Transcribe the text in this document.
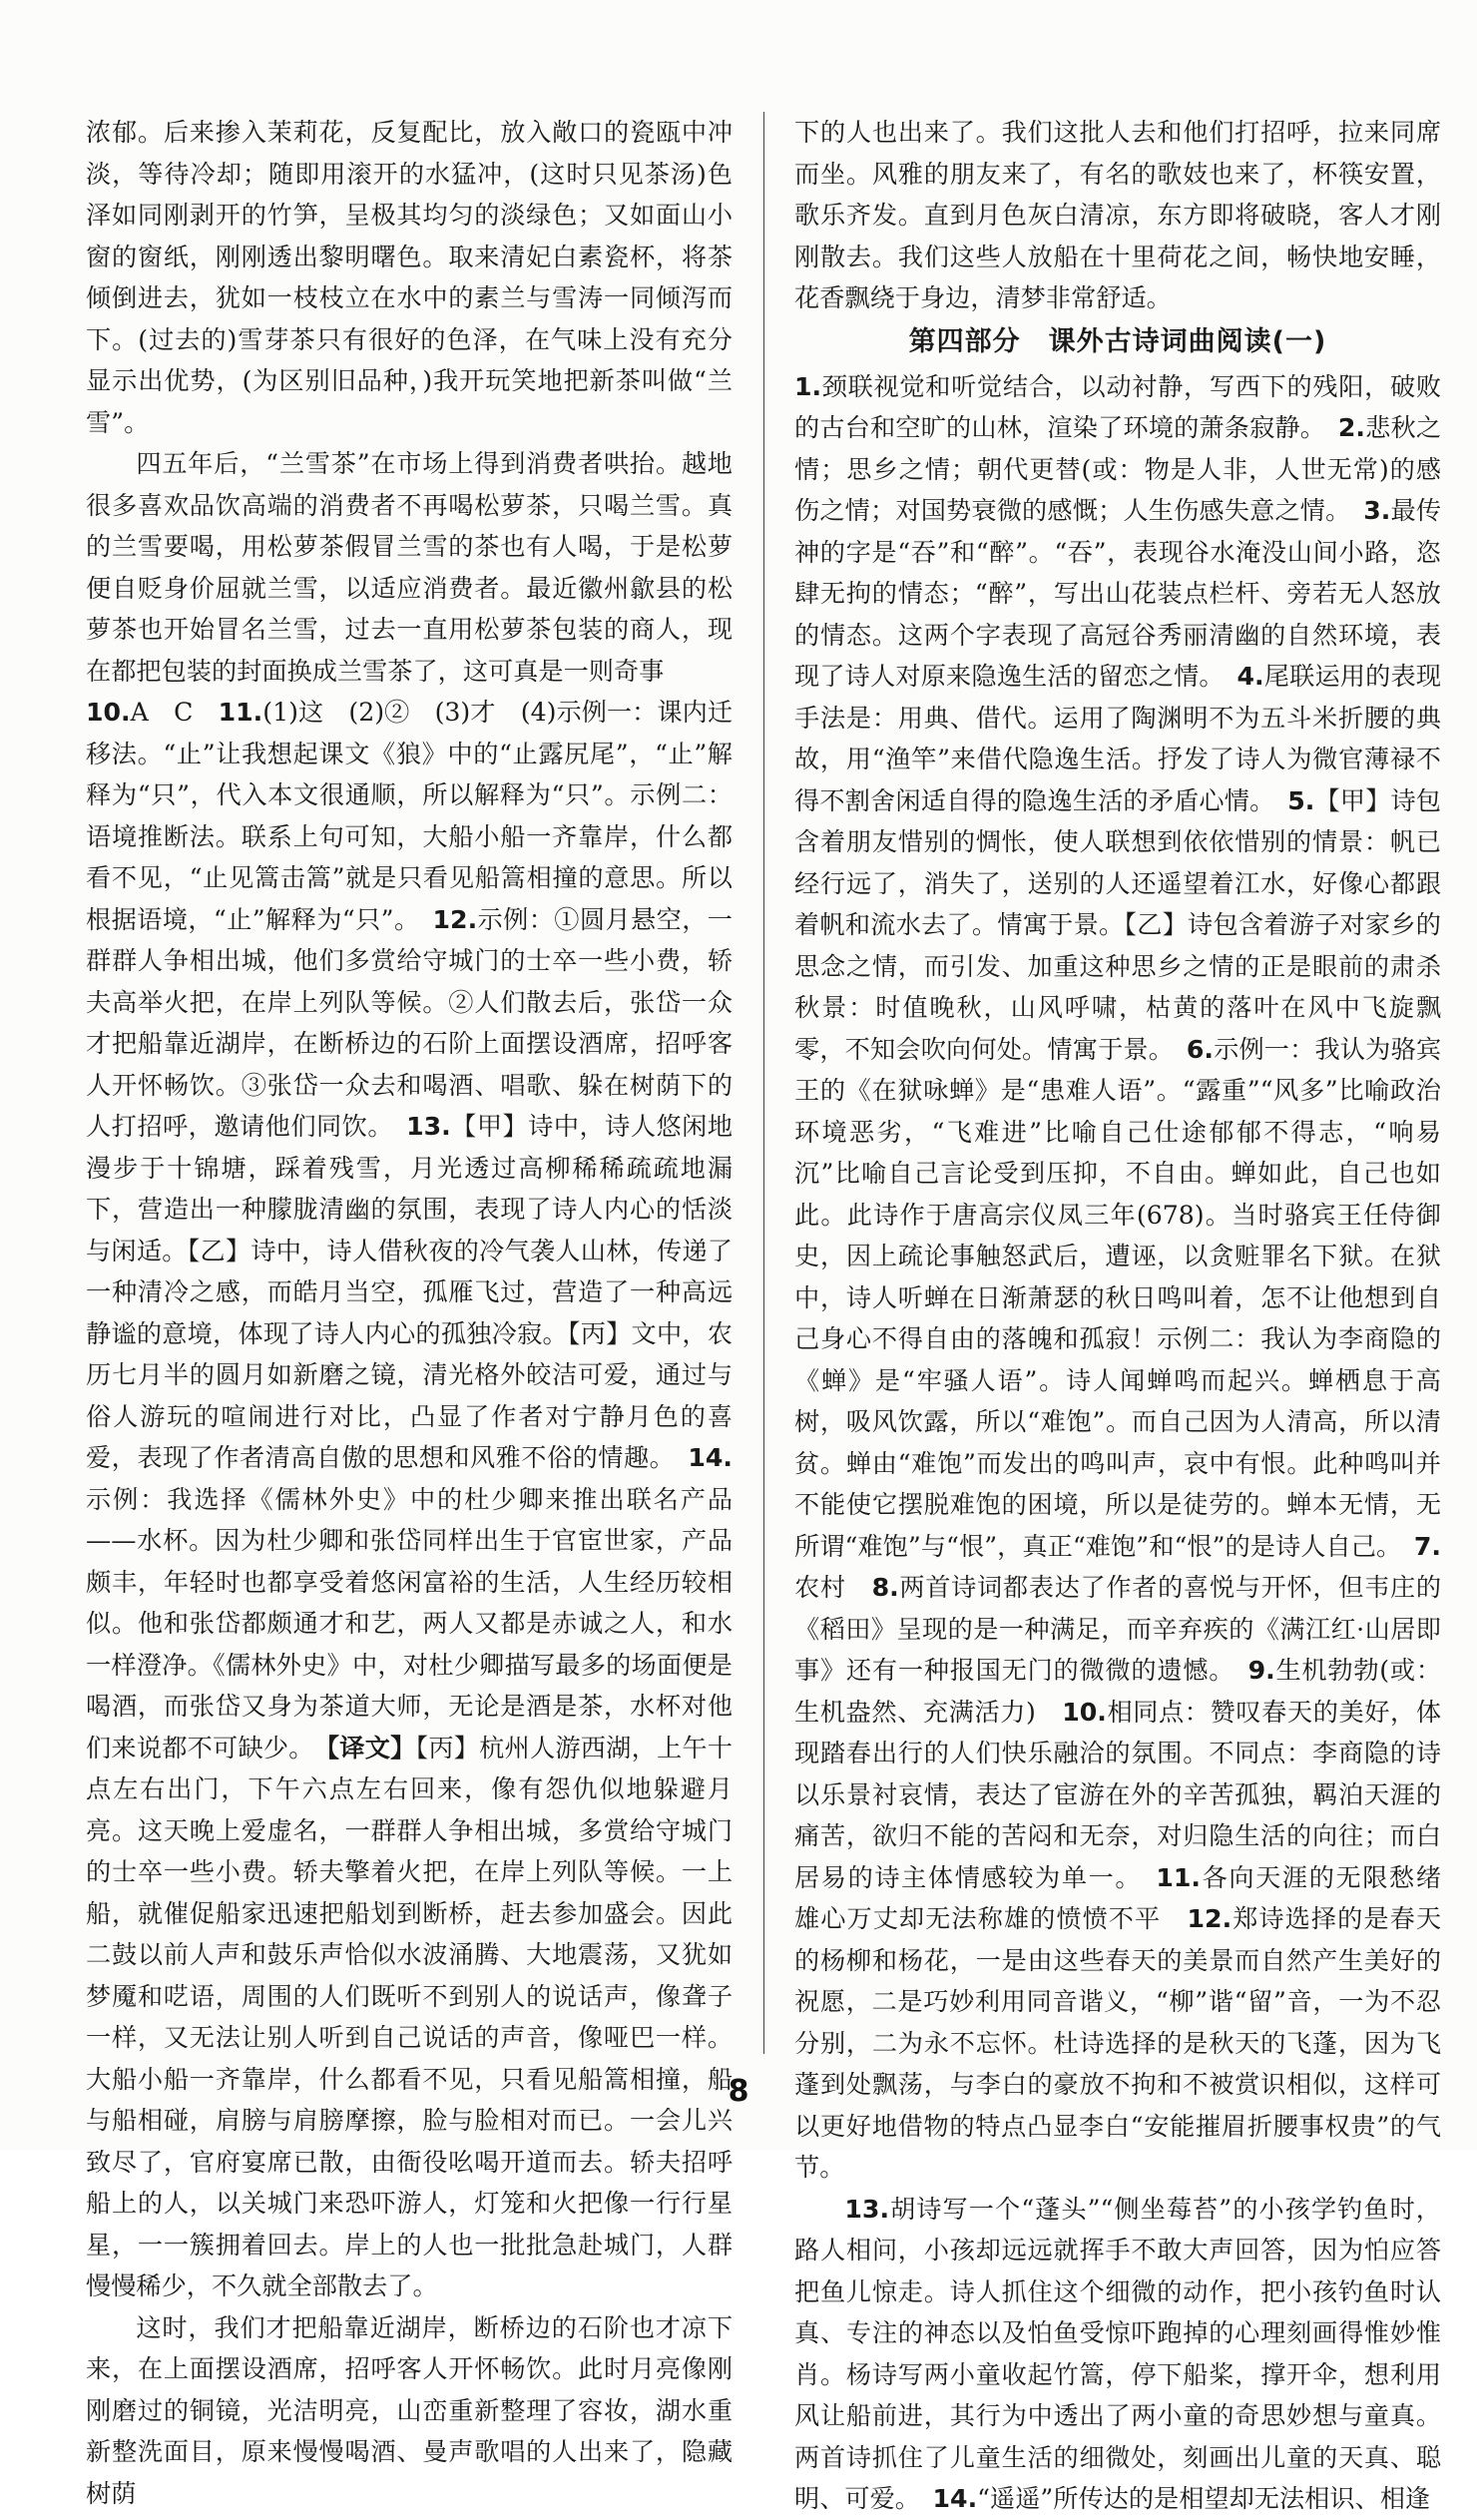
浓郁。后来掺入茉莉花，反复配比，放入敞口的瓷瓯中冲淡，等待冷却；随即用滚开的水猛冲，(这时只见茶汤)色泽如同刚剥开的竹笋，呈极其均匀的淡绿色；又如面山小窗的窗纸，刚刚透出黎明曙色。取来清妃白素瓷杯，将茶倾倒进去，犹如一枝枝立在水中的素兰与雪涛一同倾泻而下。(过去的)雪芽茶只有很好的色泽，在气味上没有充分显示出优势，(为区别旧品种，)我开玩笑地把新茶叫做“兰雪”。

四五年后，“兰雪茶”在市场上得到消费者哄抬。越地很多喜欢品饮高端的消费者不再喝松萝茶，只喝兰雪。真的兰雪要喝，用松萝茶假冒兰雪的茶也有人喝，于是松萝便自贬身价屈就兰雪，以适应消费者。最近徽州歙县的松萝茶也开始冒名兰雪，过去一直用松萝茶包装的商人，现在都把包装的封面换成兰雪茶了，这可真是一则奇事

10.A　C　11.(1)这　(2)②　(3)才　(4)示例一：课内迁移法。“止”让我想起课文《狼》中的“止露尻尾”，“止”解释为“只”，代入本文很通顺，所以解释为“只”。示例二：语境推断法。联系上句可知，大船小船一齐靠岸，什么都看不见，“止见篙击篙”就是只看见船篙相撞的意思。所以根据语境，“止”解释为“只”。　12.示例：①圆月悬空，一群群人争相出城，他们多赏给守城门的士卒一些小费，轿夫高举火把，在岸上列队等候。②人们散去后，张岱一众才把船靠近湖岸，在断桥边的石阶上面摆设酒席，招呼客人开怀畅饮。③张岱一众去和喝酒、唱歌、躲在树荫下的人打招呼，邀请他们同饮。　13.【甲】诗中，诗人悠闲地漫步于十锦塘，踩着残雪，月光透过高柳稀稀疏疏地漏下，营造出一种朦胧清幽的氛围，表现了诗人内心的恬淡与闲适。【乙】诗中，诗人借秋夜的冷气袭人山林，传递了一种清冷之感，而皓月当空，孤雁飞过，营造了一种高远静谧的意境，体现了诗人内心的孤独冷寂。【丙】文中，农历七月半的圆月如新磨之镜，清光格外皎洁可爱，通过与俗人游玩的喧闹进行对比，凸显了作者对宁静月色的喜爱，表现了作者清高自傲的思想和风雅不俗的情趣。　14.示例：我选择《儒林外史》中的杜少卿来推出联名产品——水杯。因为杜少卿和张岱同样出生于官宦世家，产品颇丰，年轻时也都享受着悠闲富裕的生活，人生经历较相似。他和张岱都颇通才和艺，两人又都是赤诚之人，和水一样澄净。《儒林外史》中，对杜少卿描写最多的场面便是喝酒，而张岱又身为茶道大师，无论是酒是茶，水杯对他们来说都不可缺少。　【译文】【丙】杭州人游西湖，上午十点左右出门，下午六点左右回来，像有怨仇似地躲避月亮。这天晚上爱虚名，一群群人争相出城，多赏给守城门的士卒一些小费。轿夫擎着火把，在岸上列队等候。一上船，就催促船家迅速把船划到断桥，赶去参加盛会。因此二鼓以前人声和鼓乐声恰似水波涌腾、大地震荡，又犹如梦魇和呓语，周围的人们既听不到别人的说话声，像聋子一样，又无法让别人听到自己说话的声音，像哑巴一样。大船小船一齐靠岸，什么都看不见，只看见船篙相撞，船与船相碰，肩膀与肩膀摩擦，脸与脸相对而已。一会儿兴致尽了，官府宴席已散，由衙役吆喝开道而去。轿夫招呼船上的人，以关城门来恐吓游人，灯笼和火把像一行行星星，一一簇拥着回去。岸上的人也一批批急赴城门，人群慢慢稀少，不久就全部散去了。

这时，我们才把船靠近湖岸，断桥边的石阶也才凉下来，在上面摆设酒席，招呼客人开怀畅饮。此时月亮像刚刚磨过的铜镜，光洁明亮，山峦重新整理了容妆，湖水重新整洗面目，原来慢慢喝酒、曼声歌唱的人出来了，隐藏树荫

下的人也出来了。我们这批人去和他们打招呼，拉来同席而坐。风雅的朋友来了，有名的歌妓也来了，杯筷安置，歌乐齐发。直到月色灰白清凉，东方即将破晓，客人才刚刚散去。我们这些人放船在十里荷花之间，畅快地安睡，花香飘绕于身边，清梦非常舒适。

第四部分　课外古诗词曲阅读(一)

1.颈联视觉和听觉结合，以动衬静，写西下的残阳，破败的古台和空旷的山林，渲染了环境的萧条寂静。　2.悲秋之情；思乡之情；朝代更替(或：物是人非，人世无常)的感伤之情；对国势衰微的感慨；人生伤感失意之情。　3.最传神的字是“吞”和“醉”。“吞”，表现谷水淹没山间小路，恣肆无拘的情态；“醉”，写出山花装点栏杆、旁若无人怒放的情态。这两个字表现了高冠谷秀丽清幽的自然环境，表现了诗人对原来隐逸生活的留恋之情。　4.尾联运用的表现手法是：用典、借代。运用了陶渊明不为五斗米折腰的典故，用“渔竿”来借代隐逸生活。抒发了诗人为微官薄禄不得不割舍闲适自得的隐逸生活的矛盾心情。　5.【甲】诗包含着朋友惜别的惆怅，使人联想到依依惜别的情景：帆已经行远了，消失了，送别的人还遥望着江水，好像心都跟着帆和流水去了。情寓于景。【乙】诗包含着游子对家乡的思念之情，而引发、加重这种思乡之情的正是眼前的肃杀秋景：时值晚秋，山风呼啸，枯黄的落叶在风中飞旋飘零，不知会吹向何处。情寓于景。　6.示例一：我认为骆宾王的《在狱咏蝉》是“患难人语”。“露重”“风多”比喻政治环境恶劣，“飞难进”比喻自己仕途郁郁不得志，“响易沉”比喻自己言论受到压抑，不自由。蝉如此，自己也如此。此诗作于唐高宗仪凤三年(678)。当时骆宾王任侍御史，因上疏论事触怒武后，遭诬，以贪赃罪名下狱。在狱中，诗人听蝉在日渐萧瑟的秋日鸣叫着，怎不让他想到自己身心不得自由的落魄和孤寂！示例二：我认为李商隐的《蝉》是“牢骚人语”。诗人闻蝉鸣而起兴。蝉栖息于高树，吸风饮露，所以“难饱”。而自己因为人清高，所以清贫。蝉由“难饱”而发出的鸣叫声，哀中有恨。此种鸣叫并不能使它摆脱难饱的困境，所以是徒劳的。蝉本无情，无所谓“难饱”与“恨”，真正“难饱”和“恨”的是诗人自己。　7.农村　8.两首诗词都表达了作者的喜悦与开怀，但韦庄的《稻田》呈现的是一种满足，而辛弃疾的《满江红·山居即事》还有一种报国无门的微微的遗憾。　9.生机勃勃(或：生机盎然、充满活力)　10.相同点：赞叹春天的美好，体现踏春出行的人们快乐融洽的氛围。不同点：李商隐的诗以乐景衬哀情，表达了宦游在外的辛苦孤独，羁泊天涯的痛苦，欲归不能的苦闷和无奈，对归隐生活的向往；而白居易的诗主体情感较为单一。　11.各向天涯的无限愁绪　雄心万丈却无法称雄的愤愤不平　12.郑诗选择的是春天的杨柳和杨花，一是由这些春天的美景而自然产生美好的祝愿，二是巧妙利用同音谐义，“柳”谐“留”音，一为不忍分别，二为永不忘怀。杜诗选择的是秋天的飞蓬，因为飞蓬到处飘荡，与李白的豪放不拘和不被赏识相似，这样可以更好地借物的特点凸显李白“安能摧眉折腰事权贵”的气节。

13.胡诗写一个“蓬头”“侧坐莓苔”的小孩学钓鱼时，路人相问，小孩却远远就挥手不敢大声回答，因为怕应答把鱼儿惊走。诗人抓住这个细微的动作，把小孩钓鱼时认真、专注的神态以及怕鱼受惊吓跑掉的心理刻画得惟妙惟肖。杨诗写两小童收起竹篙，停下船桨，撑开伞，想利用风让船前进，其行为中透出了两小童的奇思妙想与童真。两首诗抓住了儿童生活的细微处，刻画出儿童的天真、聪明、可爱。　14.“遥遥”所传达的是相望却无法相识、相逢

8
